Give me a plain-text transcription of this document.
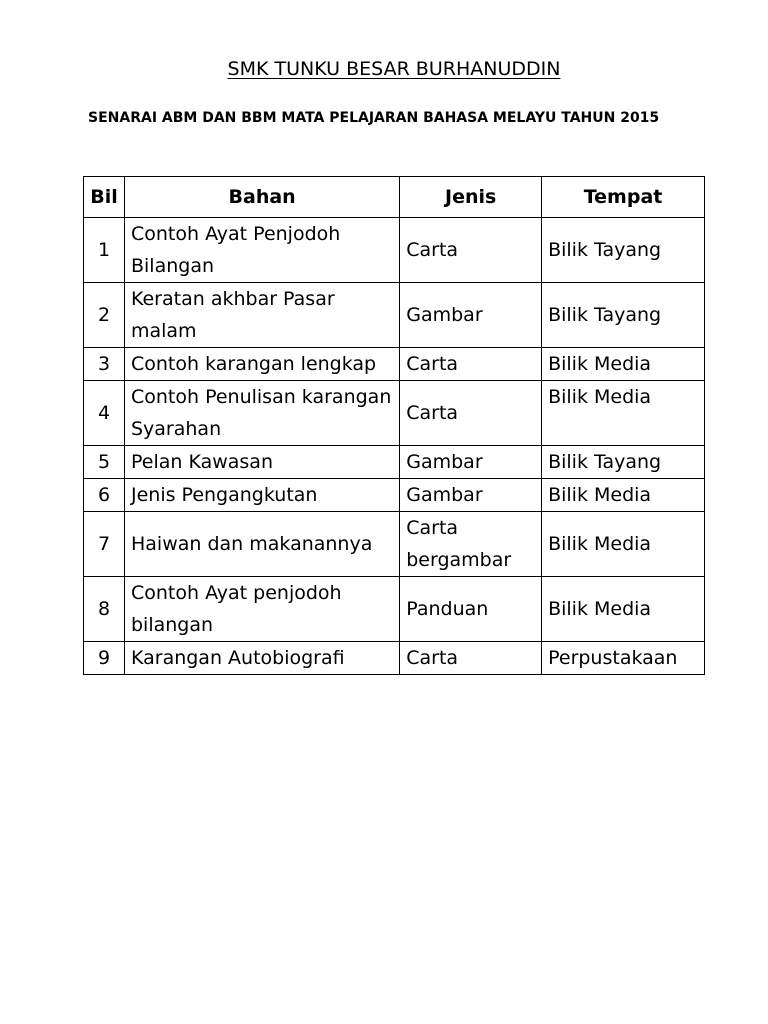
SMK TUNKU BESAR BURHANUDDIN
SENARAI ABM DAN BBM MATA PELAJARAN BAHASA MELAYU TAHUN 2015
Bil	Bahan	Jenis	Tempat
1	Contoh Ayat Penjodoh Bilangan	Carta	Bilik Tayang
2	Keratan akhbar Pasar malam	Gambar	Bilik Tayang
3	Contoh karangan lengkap	Carta	Bilik Media
4	Contoh Penulisan karangan Syarahan	Carta	Bilik Media
5	Pelan Kawasan	Gambar	Bilik Tayang
6	Jenis Pengangkutan	Gambar	Bilik Media
7	Haiwan dan makanannya	Carta bergambar	Bilik Media
8	Contoh Ayat penjodoh bilangan	Panduan	Bilik Media
9	Karangan Autobiografi	Carta	Perpustakaan
